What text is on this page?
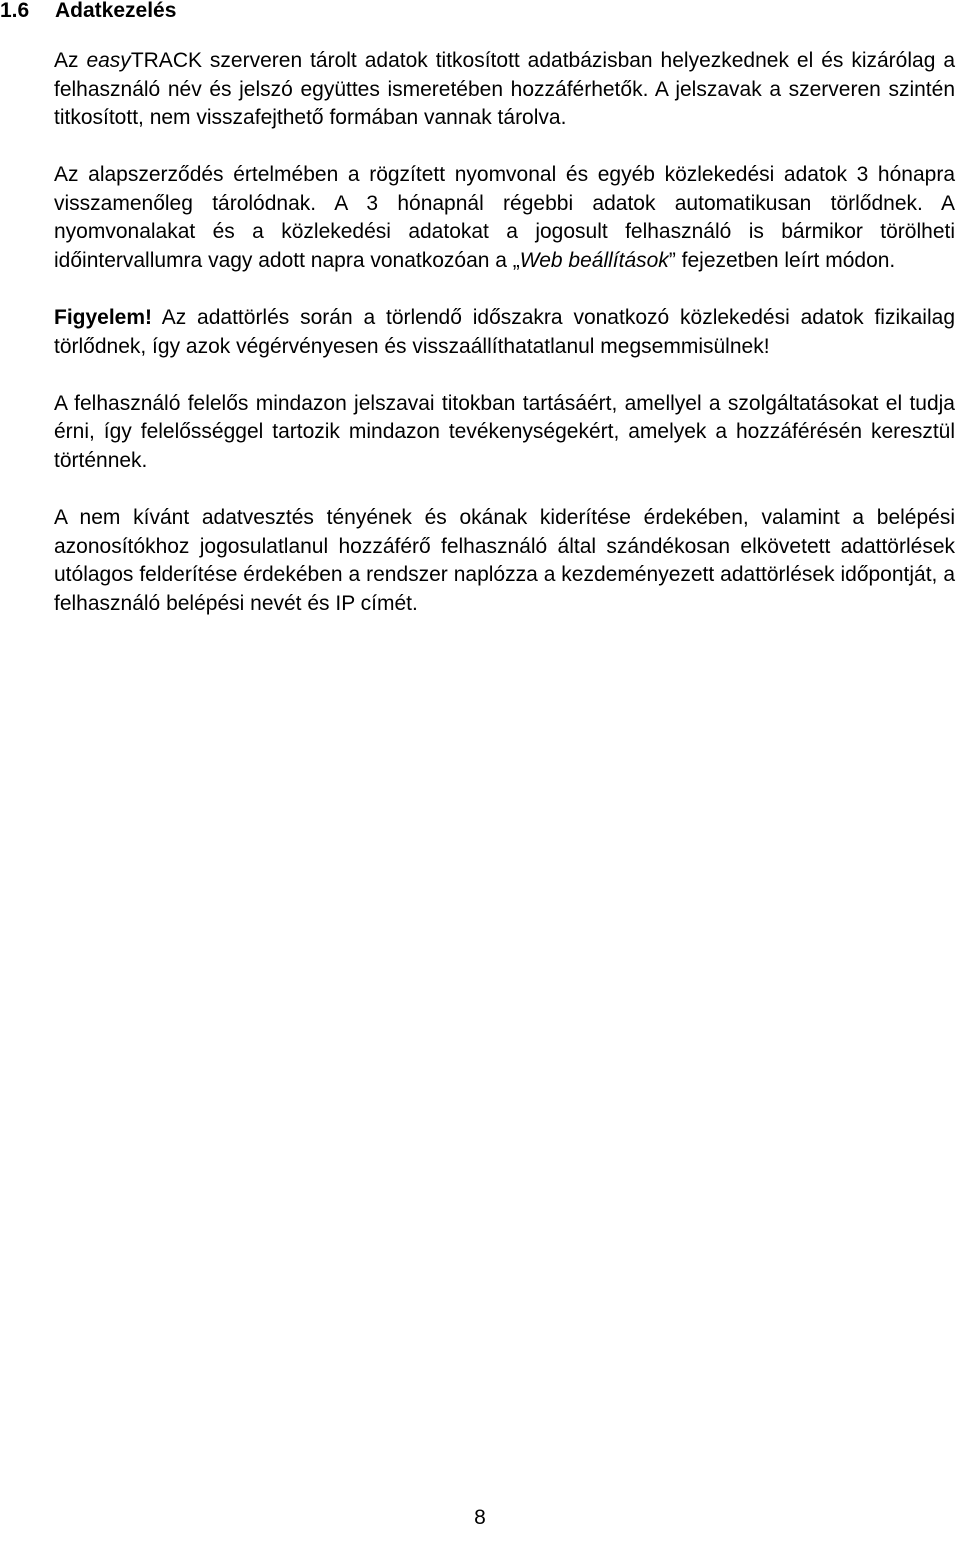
1.6 Adatkezelés

Az easyTRACK szerveren tárolt adatok titkosított adatbázisban helyezkednek el és kizárólag a felhasználó név és jelszó együttes ismeretében hozzáférhetők. A jelszavak a szerveren szintén titkosított, nem visszafejthető formában vannak tárolva.

Az alapszerződés értelmében a rögzített nyomvonal és egyéb közlekedési adatok 3 hónapra visszamenőleg tárolódnak. A 3 hónapnál régebbi adatok automatikusan törlődnek. A nyomvonalakat és a közlekedési adatokat a jogosult felhasználó is bármikor törölheti időintervallumra vagy adott napra vonatkozóan a „Web beállítások” fejezetben leírt módon.

Figyelem! Az adattörlés során a törlendő időszakra vonatkozó közlekedési adatok fizikailag törlődnek, így azok végérvényesen és visszaállíthatatlanul megsemmisülnek!

A felhasználó felelős mindazon jelszavai titokban tartásáért, amellyel a szolgáltatásokat el tudja érni, így felelősséggel tartozik mindazon tevékenységekért, amelyek a hozzáférésén keresztül történnek.

A nem kívánt adatvesztés tényének és okának kiderítése érdekében, valamint a belépési azonosítókhoz jogosulatlanul hozzáférő felhasználó által szándékosan elkövetett adattörlések utólagos felderítése érdekében a rendszer naplózza a kezdeményezett adattörlések időpontját, a felhasználó belépési nevét és IP címét.

8
